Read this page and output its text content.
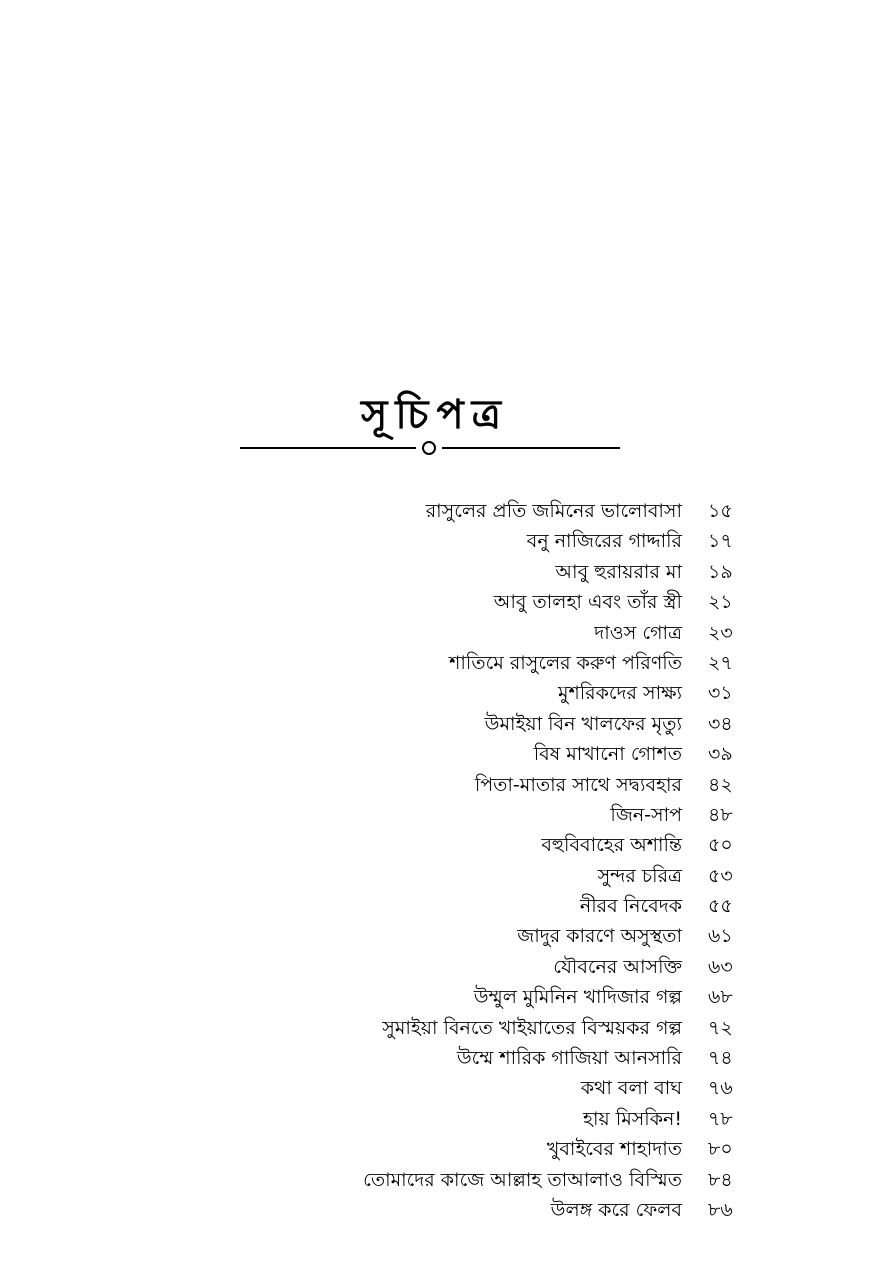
সূচিপত্র
রাসুলের প্রতি জমিনের ভালোবাসা ১৫
বনু নাজিরের গাদ্দারি ১৭
আবু হুরায়রার মা ১৯
আবু তালহা এবং তাঁর স্ত্রী ২১
দাওস গোত্র ২৩
শাতিমে রাসুলের করুণ পরিণতি ২৭
মুশরিকদের সাক্ষ্য ৩১
উমাইয়া বিন খালফের মৃত্যু ৩৪
বিষ মাখানো গোশত ৩৯
পিতা-মাতার সাথে সদ্ব্যবহার ৪২
জিন-সাপ ৪৮
বহুবিবাহের অশান্তি ৫০
সুন্দর চরিত্র ৫৩
নীরব নিবেদক ৫৫
জাদুর কারণে অসুস্থতা ৬১
যৌবনের আসক্তি ৬৩
উম্মুল মুমিনিন খাদিজার গল্প ৬৮
সুমাইয়া বিনতে খাইয়াতের বিস্ময়কর গল্প ৭২
উম্মে শারিক গাজিয়া আনসারি ৭৪
কথা বলা বাঘ ৭৬
হায় মিসকিন! ৭৮
খুবাইবের শাহাদাত ৮০
তোমাদের কাজে আল্লাহ তাআলাও বিস্মিত ৮৪
উলঙ্গ করে ফেলব ৮৬
